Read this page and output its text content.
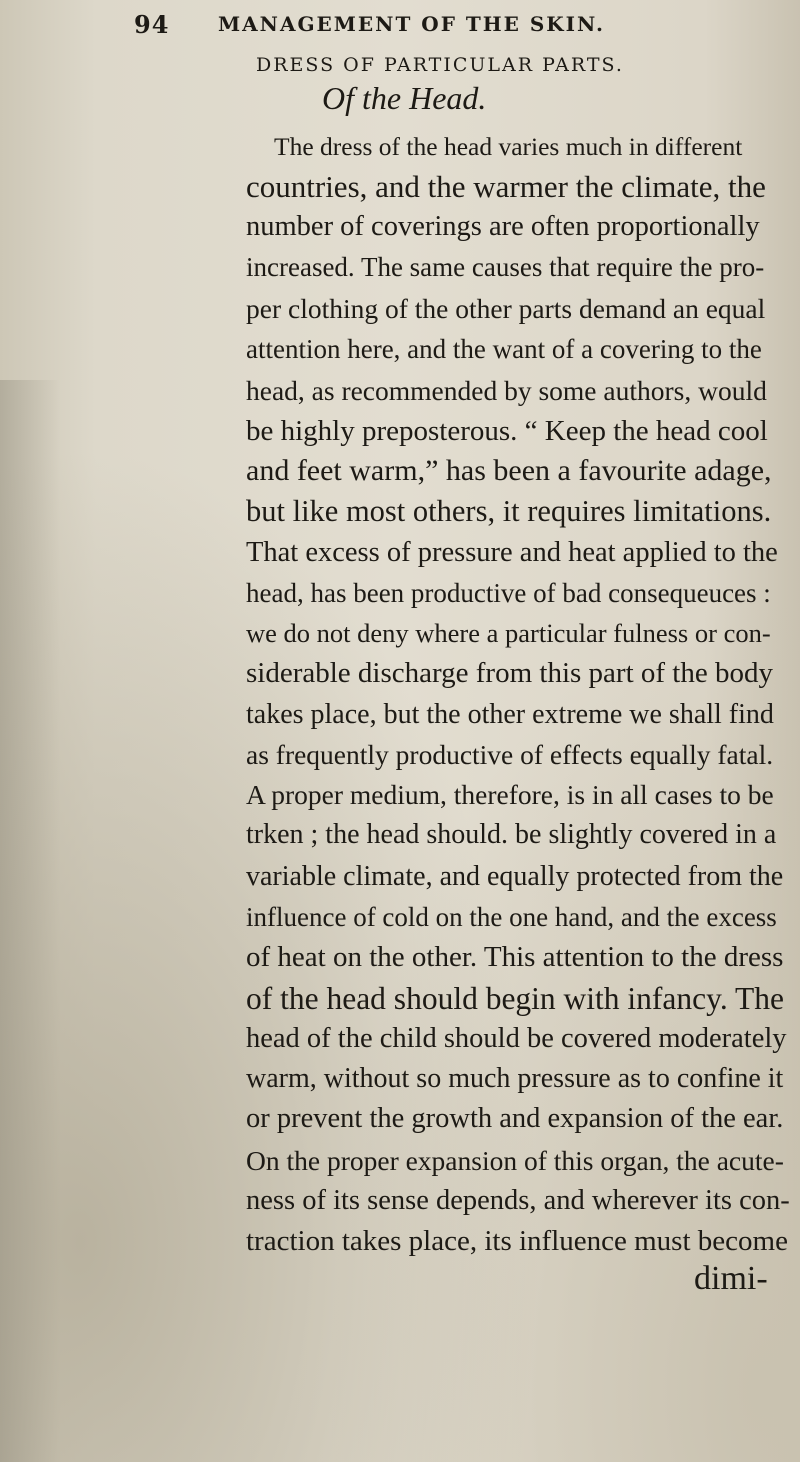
94 MANAGEMENT OF THE SKIN.
DRESS OF PARTICULAR PARTS.
Of the Head.
The dress of the head varies much in different
countries, and the warmer the climate, the
number of coverings are often proportionally
increased. The same causes that require the pro-
per clothing of the other parts demand an equal
attention here, and the want of a covering to the
head, as recommended by some authors, would
be highly preposterous. “ Keep the head cool
and feet warm,” has been a favourite adage,
but like most others, it requires limitations.
That excess of pressure and heat applied to the
head, has been productive of bad consequeuces :
we do not deny where a particular fulness or con-
siderable discharge from this part of the body
takes place, but the other extreme we shall find
as frequently productive of effects equally fatal.
A proper medium, therefore, is in all cases to be
trken ; the head should. be slightly covered in a
variable climate, and equally protected from the
influence of cold on the one hand, and the excess
of heat on the other. This attention to the dress
of the head should begin with infancy. The
head of the child should be covered moderately
warm, without so much pressure as to confine it
or prevent the growth and expansion of the ear.
On the proper expansion of this organ, the acute-
ness of its sense depends, and wherever its con-
traction takes place, its influence must become
dimi-
